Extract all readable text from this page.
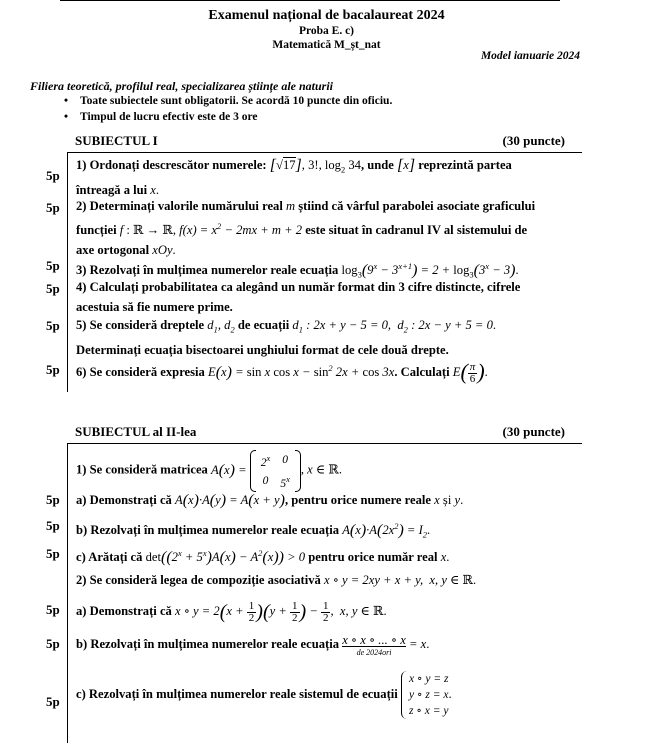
Examenul național de bacalaureat 2024
Proba E. c)
Matematică M_șt_nat
Model ianuarie 2024
Filiera teoretică, profilul real, specializarea științe ale naturii
• Toate subiectele sunt obligatorii. Se acordă 10 puncte din oficiu.
• Timpul de lucru efectiv este de 3 ore
SUBIECTUL I	(30 puncte)
5p
1) Ordonați descrescător numerele: [√17], 3!, $\log_2 34$, unde [x] reprezintă partea
întreagă a lui x.
5p	2) Determinați valorile numărului real m știind că vârful parabolei asociate graficului
funcției f : ℝ → ℝ, $f(x) = x^2 - 2mx + m + 2$ este situat în cadranul IV al sistemului de
axe ortogonal xOy.
5p	3) Rezolvați în mulțimea numerelor reale ecuația $\log_3(9^x - 3^{x+1}) = 2 + \log_3(3^x - 3)$.
5p	4) Calculați probabilitatea ca alegând un număr format din 3 cifre distincte, cifrele
acestuia să fie numere prime.
5p	5) Se consideră dreptele $d_1$, $d_2$ de ecuații $d_1$ : 2x + y − 5 = 0,  $d_2$ : 2x − y + 5 = 0.
Determinați ecuația bisectoarei unghiului format de cele două drepte.
5p	6) Se consideră expresia E(x) = sin x $\cos x - \sin^2 2x + \cos 3x$. Calculați $E( \frac{\pi}{6}$ ).
SUBIECTUL al II-lea	(30 puncte)
1) Se consideră matricea $A(x) = 2^x$	0
0	5$^x$
, x ∈ ℝ.
5p	a) Demonstrați că A(x)·A(y) = A(x + y), pentru orice numere reale x și y.
5p	b) Rezolvați în mulțimea numerelor reale ecuația $A(x)\cdot A(2x^2) = I_2$.
5p	c) Arătați că $\det((2^x + 5^x)A(x) - A^2(x)) > 0$ pentru orice număr real x.
2) Se consideră legea de compoziție asociativă x ∘ y = 2xy + x + y,  x, y ∈ ℝ.
5p	a) Demonstrați că x ∘ $y = 2(x + \frac{1}{2} )(y + \frac{1}{2}$ ) − $\frac{1}{2}$ ,  x, y ∈ ℝ.
5p	b) Rezolvați în mulțimea numerelor reale ecuația x ∘ x ∘ ... ∘ x
de 2024ori
= x.
5p	c) Rezolvați în mulțimea numerelor reale sistemul de ecuații
x ∘ y = z
y ∘ z = x
z ∘ x = y.
